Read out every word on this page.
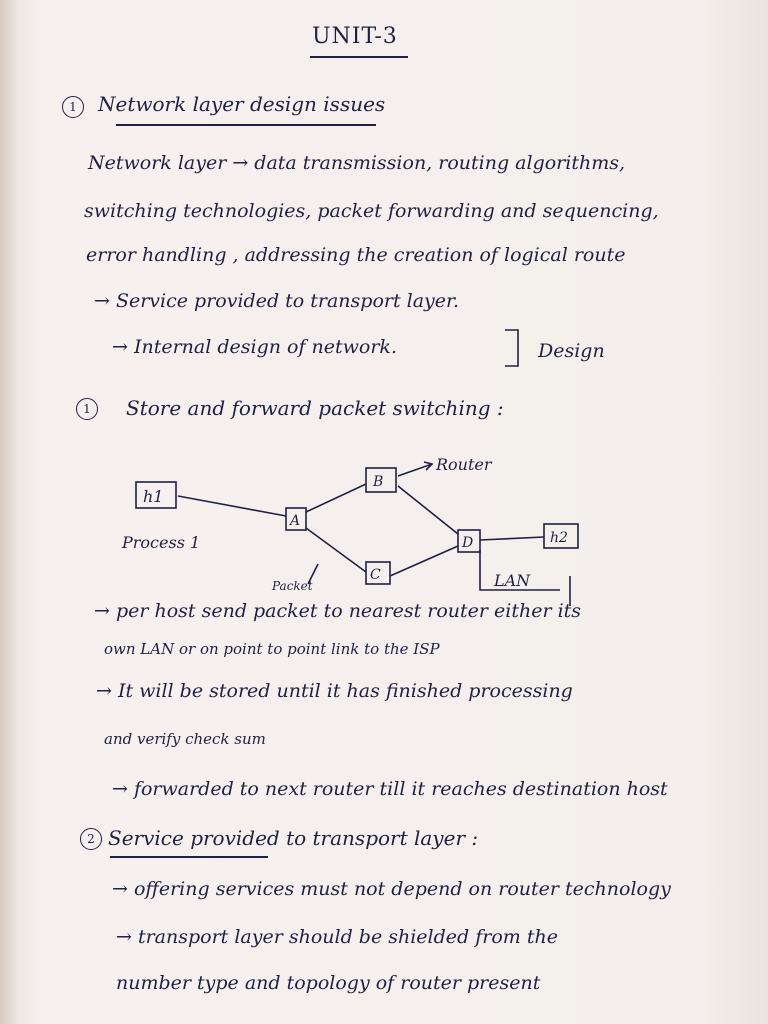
UNIT-3
1	Network layer design issues
Network layer → data transmission, routing algorithms,
switching technologies, packet forwarding and sequencing,
error handling , addressing the creation of logical route
→ Service provided to transport layer.
→ Internal design of network.	Design
1	Store and forward packet switching :
h1
A
B
C
D	h2
Router
Process 1
Packet	LAN
→ per host send packet to nearest router either its
own LAN or on point to point link to the ISP
→ It will be stored until it has finished processing
and verify check sum
→ forwarded to next router till it reaches destination host
2 Service provided to transport layer :
→ offering services must not depend on router technology
→ transport layer should be shielded from the
number type and topology of router present
